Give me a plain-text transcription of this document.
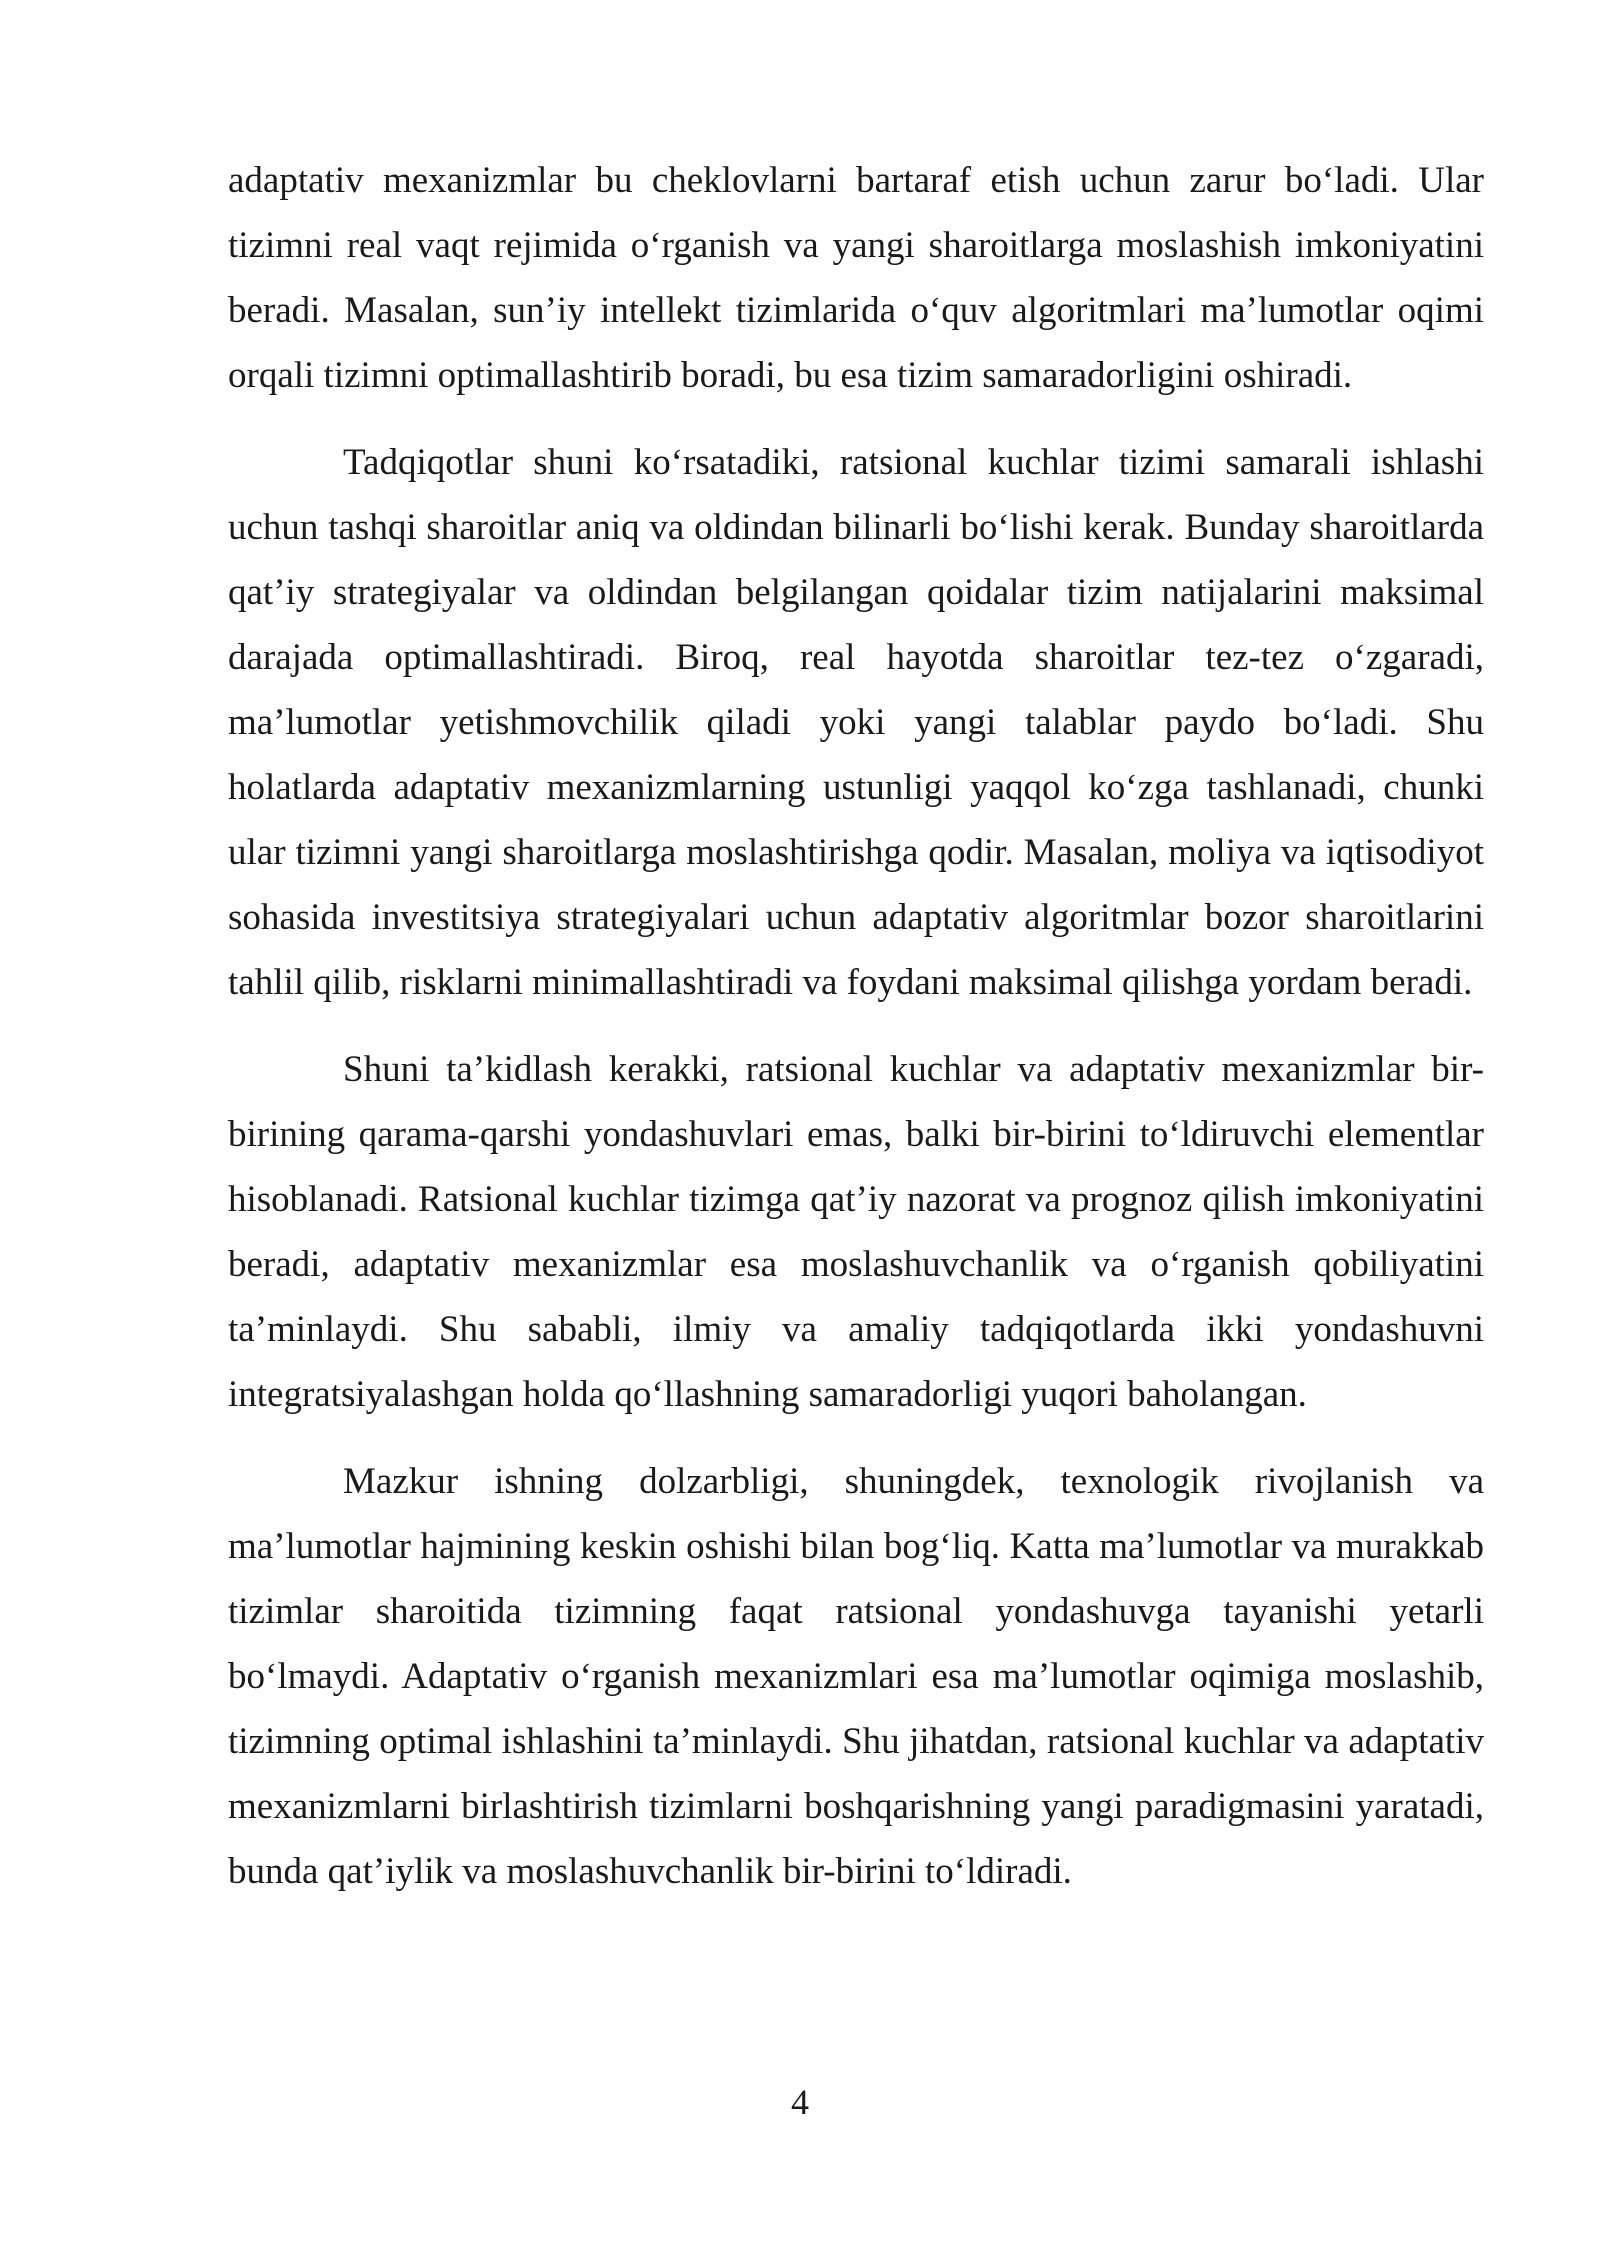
adaptativ mexanizmlar bu cheklovlarni bartaraf etish uchun zarur bo‘ladi. Ular tizimni real vaqt rejimida o‘rganish va yangi sharoitlarga moslashish imkoniyatini beradi. Masalan, sun’iy intellekt tizimlarida o‘quv algoritmlari ma’lumotlar oqimi orqali tizimni optimallashtirib boradi, bu esa tizim samaradorligini oshiradi.

Tadqiqotlar shuni ko‘rsatadiki, ratsional kuchlar tizimi samarali ishlashi uchun tashqi sharoitlar aniq va oldindan bilinarli bo‘lishi kerak. Bunday sharoitlarda qat’iy strategiyalar va oldindan belgilangan qoidalar tizim natijalarini maksimal darajada optimallashtiradi. Biroq, real hayotda sharoitlar tez-tez o‘zgaradi, ma’lumotlar yetishmovchilik qiladi yoki yangi talablar paydo bo‘ladi. Shu holatlarda adaptativ mexanizmlarning ustunligi yaqqol ko‘zga tashlanadi, chunki ular tizimni yangi sharoitlarga moslashtirishga qodir. Masalan, moliya va iqtisodiyot sohasida investitsiya strategiyalari uchun adaptativ algoritmlar bozor sharoitlarini tahlil qilib, risklarni minimallashtiradi va foydani maksimal qilishga yordam beradi.

Shuni ta’kidlash kerakki, ratsional kuchlar va adaptativ mexanizmlar bir-birining qarama-qarshi yondashuvlari emas, balki bir-birini to‘ldiruvchi elementlar hisoblanadi. Ratsional kuchlar tizimga qat’iy nazorat va prognoz qilish imkoniyatini beradi, adaptativ mexanizmlar esa moslashuvchanlik va o‘rganish qobiliyatini ta’minlaydi. Shu sababli, ilmiy va amaliy tadqiqotlarda ikki yondashuvni integratsiyalashgan holda qo‘llashning samaradorligi yuqori baholangan.

Mazkur ishning dolzarbligi, shuningdek, texnologik rivojlanish va ma’lumotlar hajmining keskin oshishi bilan bog‘liq. Katta ma’lumotlar va murakkab tizimlar sharoitida tizimning faqat ratsional yondashuvga tayanishi yetarli bo‘lmaydi. Adaptativ o‘rganish mexanizmlari esa ma’lumotlar oqimiga moslashib, tizimning optimal ishlashini ta’minlaydi. Shu jihatdan, ratsional kuchlar va adaptativ mexanizmlarni birlashtirish tizimlarni boshqarishning yangi paradigmasini yaratadi, bunda qat’iylik va moslashuvchanlik bir-birini to‘ldiradi.

4
